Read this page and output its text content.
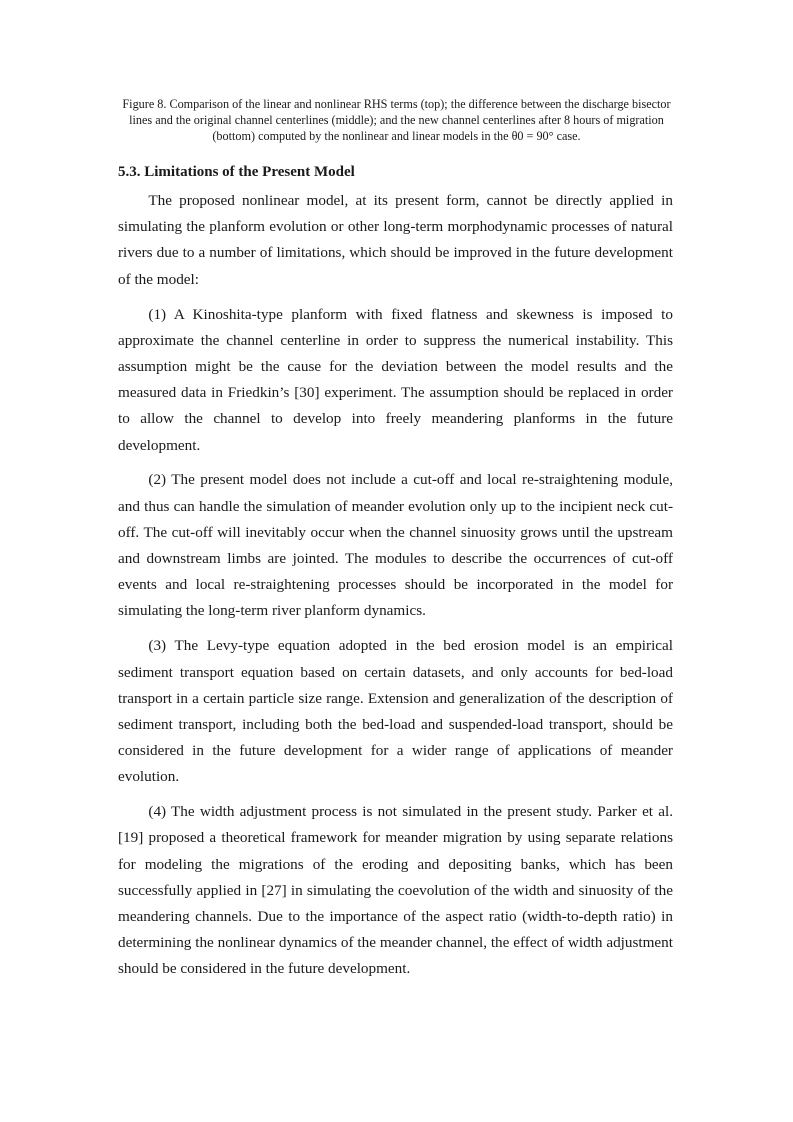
Figure 8. Comparison of the linear and nonlinear RHS terms (top); the difference between the discharge bisector lines and the original channel centerlines (middle); and the new channel centerlines after 8 hours of migration (bottom) computed by the nonlinear and linear models in the θ0 = 90° case.
5.3. Limitations of the Present Model

The proposed nonlinear model, at its present form, cannot be directly applied in simulating the planform evolution or other long-term morphodynamic processes of natural rivers due to a number of limitations, which should be improved in the future development of the model:

(1) A Kinoshita-type planform with fixed flatness and skewness is imposed to approximate the channel centerline in order to suppress the numerical instability. This assumption might be the cause for the deviation between the model results and the measured data in Friedkin’s [30] experiment. The assumption should be replaced in order to allow the channel to develop into freely meandering planforms in the future development.

(2) The present model does not include a cut-off and local re-straightening module, and thus can handle the simulation of meander evolution only up to the incipient neck cut-off. The cut-off will inevitably occur when the channel sinuosity grows until the upstream and downstream limbs are jointed. The modules to describe the occurrences of cut-off events and local re-straightening processes should be incorporated in the model for simulating the long-term river planform dynamics.

(3) The Levy-type equation adopted in the bed erosion model is an empirical sediment transport equation based on certain datasets, and only accounts for bed-load transport in a certain particle size range. Extension and generalization of the description of sediment transport, including both the bed-load and suspended-load transport, should be considered in the future development for a wider range of applications of meander evolution.

(4) The width adjustment process is not simulated in the present study. Parker et al. [19] proposed a theoretical framework for meander migration by using separate relations for modeling the migrations of the eroding and depositing banks, which has been successfully applied in [27] in simulating the coevolution of the width and sinuosity of the meandering channels. Due to the importance of the aspect ratio (width-to-depth ratio) in determining the nonlinear dynamics of the meander channel, the effect of width adjustment should be considered in the future development.
